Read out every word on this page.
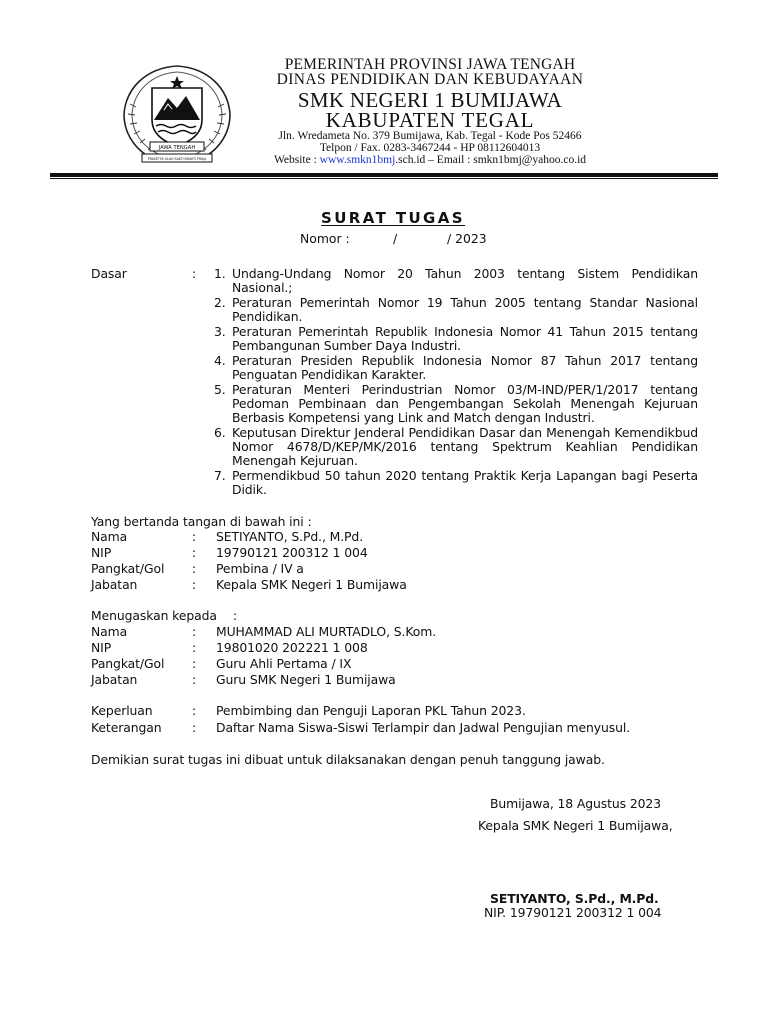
JAWA TENGAH
PRASETYA ULAH SAKTI BHAKTI PRAJA
PEMERINTAH PROVINSI JAWA TENGAH
DINAS PENDIDIKAN DAN KEBUDAYAAN
SMK NEGERI 1 BUMIJAWA
KABUPATEN TEGAL
Jln. Wredameta No. 379 Bumijawa, Kab. Tegal - Kode Pos 52466
Telpon / Fax. 0283-3467244 - HP 08112604013
Website : www.smkn1bmj.sch.id – Email : smkn1bmj@yahoo.co.id
SURAT TUGAS
Nomor :	/	/ 2023
Dasar	: 1. Undang-Undang Nomor 20 Tahun 2003 tentang Sistem Pendidikan Nasional.;
2. Peraturan Pemerintah Nomor 19 Tahun 2005 tentang Standar Nasional Pendidikan.
3. Peraturan Pemerintah Republik Indonesia Nomor 41 Tahun 2015 tentang Pembangunan Sumber Daya Industri.
4. Peraturan Presiden Republik Indonesia Nomor 87 Tahun 2017 tentang Penguatan Pendidikan Karakter.
5. Peraturan Menteri Perindustrian Nomor 03/M-IND/PER/1/2017 tentang Pedoman Pembinaan dan Pengembangan Sekolah Menengah Kejuruan Berbasis Kompetensi yang Link and Match dengan Industri.
6. Keputusan Direktur Jenderal Pendidikan Dasar dan Menengah Kemendikbud Nomor 4678/D/KEP/MK/2016 tentang Spektrum Keahlian Pendidikan Menengah Kejuruan.
7. Permendikbud 50 tahun 2020 tentang Praktik Kerja Lapangan bagi Peserta Didik.
Yang bertanda tangan di bawah ini :
Nama	: SETIYANTO, S.Pd., M.Pd.
NIP	: 19790121 200312 1 004
Pangkat/Gol : Pembina / IV a
Jabatan	: Kepala SMK Negeri 1 Bumijawa
Menugaskan kepada :
Nama	: MUHAMMAD ALI MURTADLO, S.Kom.
NIP	: 19801020 202221 1 008
Pangkat/Gol : Guru Ahli Pertama / IX
Jabatan	: Guru SMK Negeri 1 Bumijawa
Keperluan	: Pembimbing dan Penguji Laporan PKL Tahun 2023.
Keterangan : Daftar Nama Siswa-Siswi Terlampir dan Jadwal Pengujian menyusul.
Demikian surat tugas ini dibuat untuk dilaksanakan dengan penuh tanggung jawab.
Bumijawa, 18 Agustus 2023
Kepala SMK Negeri 1 Bumijawa,
SETIYANTO, S.Pd., M.Pd.
NIP. 19790121 200312 1 004
